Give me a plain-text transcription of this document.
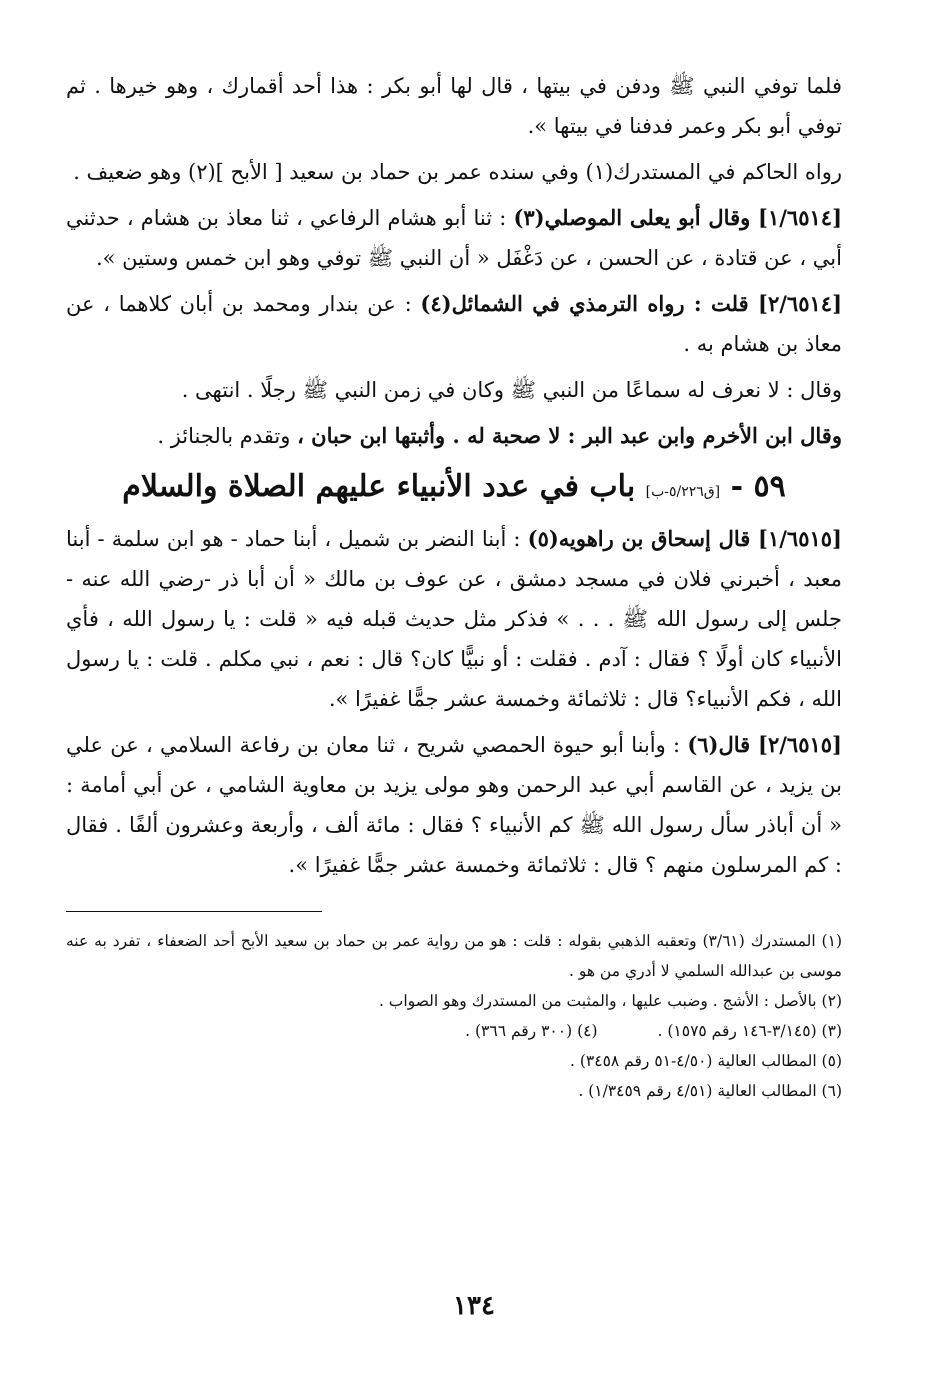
فلما توفي النبي ﷺ ودفن في بيتها ، قال لها أبو بكر : هذا أحد أقمارك ، وهو خيرها . ثم توفي أبو بكر وعمر فدفنا في بيتها ».

رواه الحاكم في المستدرك(١) وفي سنده عمر بن حماد بن سعيد [ الأبح ](٢) وهو ضعيف .

[١/٦٥١٤] وقال أبو يعلى الموصلي(٣) : ثنا أبو هشام الرفاعي ، ثنا معاذ بن هشام ، حدثني أبي ، عن قتادة ، عن الحسن ، عن دَغْفَل « أن النبي ﷺ توفي وهو ابن خمس وستين ».

[٢/٦٥١٤] قلت : رواه الترمذي في الشمائل(٤) : عن بندار ومحمد بن أبان كلاهما ، عن معاذ بن هشام به .

وقال : لا نعرف له سماعًا من النبي ﷺ وكان في زمن النبي ﷺ رجلًا . انتهى .

وقال ابن الأخرم وابن عبد البر : لا صحبة له . وأثبتها ابن حبان ، وتقدم بالجنائز .

٥٩ - [ق٥/٢٢٦-ب] باب في عدد الأنبياء عليهم الصلاة والسلام

[١/٦٥١٥] قال إسحاق بن راهويه(٥) : أبنا النضر بن شميل ، أبنا حماد - هو ابن سلمة - أبنا معبد ، أخبرني فلان في مسجد دمشق ، عن عوف بن مالك « أن أبا ذر -رضي الله عنه - جلس إلى رسول الله ﷺ . . . » فذكر مثل حديث قبله فيه « قلت : يا رسول الله ، فأي الأنبياء كان أولًا ؟ فقال : آدم . فقلت : أو نبيًّا كان؟ قال : نعم ، نبي مكلم . قلت : يا رسول الله ، فكم الأنبياء؟ قال : ثلاثمائة وخمسة عشر جمًّا غفيرًا ».

[٢/٦٥١٥] قال(٦) : وأبنا أبو حيوة الحمصي شريح ، ثنا معان بن رفاعة السلامي ، عن علي بن يزيد ، عن القاسم أبي عبد الرحمن وهو مولى يزيد بن معاوية الشامي ، عن أبي أمامة : « أن أباذر سأل رسول الله ﷺ كم الأنبياء ؟ فقال : مائة ألف ، وأربعة وعشرون ألفًا . فقال : كم المرسلون منهم ؟ قال : ثلاثمائة وخمسة عشر جمًّا غفيرًا ».

(١) المستدرك (٣/٦١) وتعقبه الذهبي بقوله : قلت : هو من رواية عمر بن حماد بن سعيد الأبح أحد الضعفاء ، تفرد به عنه موسى بن عبدالله السلمي لا أدري من هو .

(٢) بالأصل : الأشج . وضبب عليها ، والمثبت من المستدرك وهو الصواب .

(٣) (٣/١٤٥-١٤٦ رقم ١٥٧٥) .
(٤) (٣٠٠ رقم ٣٦٦) .

(٥) المطالب العالية (٤/٥٠-٥١ رقم ٣٤٥٨) .

(٦) المطالب العالية (٤/٥١ رقم ١/٣٤٥٩) .

١٣٤
